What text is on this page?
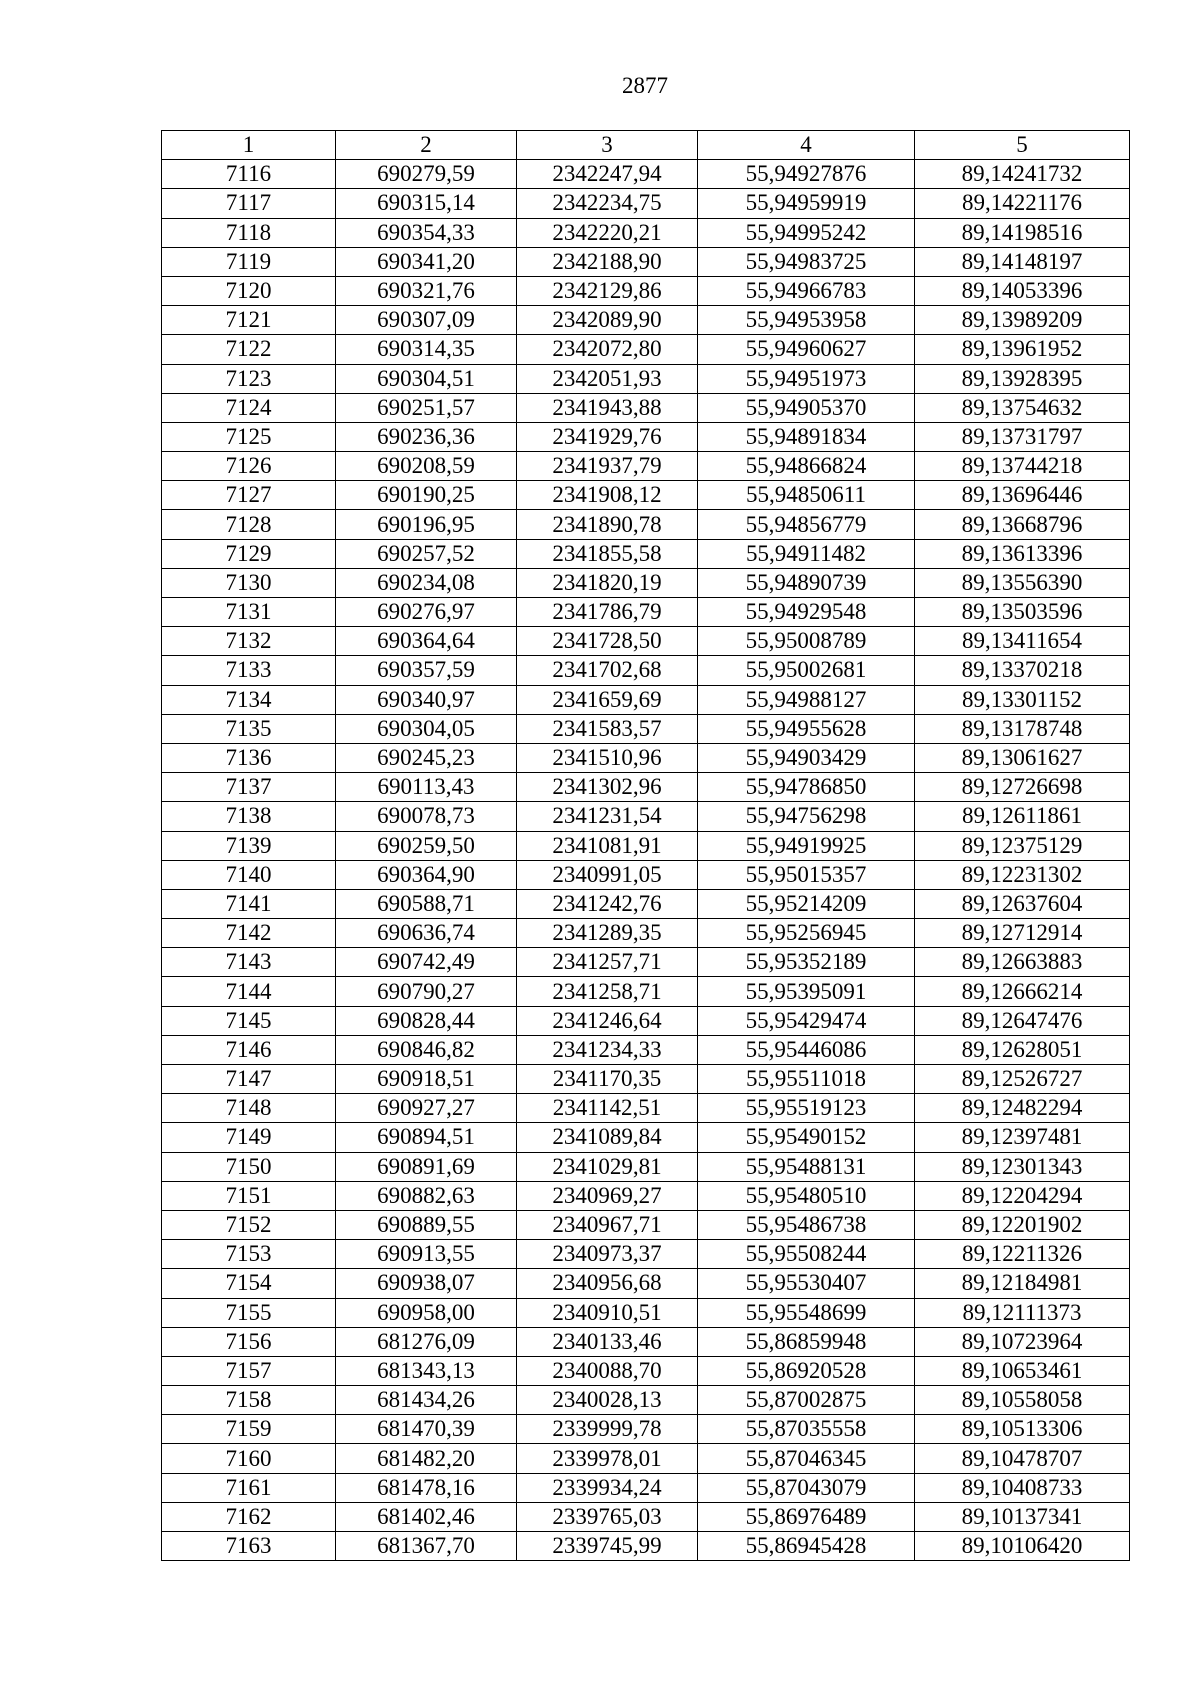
2877
1	2	3	4	5
7116	690279,59	2342247,94	55,94927876	89,14241732
7117	690315,14	2342234,75	55,94959919	89,14221176
7118	690354,33	2342220,21	55,94995242	89,14198516
7119	690341,20	2342188,90	55,94983725	89,14148197
7120	690321,76	2342129,86	55,94966783	89,14053396
7121	690307,09	2342089,90	55,94953958	89,13989209
7122	690314,35	2342072,80	55,94960627	89,13961952
7123	690304,51	2342051,93	55,94951973	89,13928395
7124	690251,57	2341943,88	55,94905370	89,13754632
7125	690236,36	2341929,76	55,94891834	89,13731797
7126	690208,59	2341937,79	55,94866824	89,13744218
7127	690190,25	2341908,12	55,94850611	89,13696446
7128	690196,95	2341890,78	55,94856779	89,13668796
7129	690257,52	2341855,58	55,94911482	89,13613396
7130	690234,08	2341820,19	55,94890739	89,13556390
7131	690276,97	2341786,79	55,94929548	89,13503596
7132	690364,64	2341728,50	55,95008789	89,13411654
7133	690357,59	2341702,68	55,95002681	89,13370218
7134	690340,97	2341659,69	55,94988127	89,13301152
7135	690304,05	2341583,57	55,94955628	89,13178748
7136	690245,23	2341510,96	55,94903429	89,13061627
7137	690113,43	2341302,96	55,94786850	89,12726698
7138	690078,73	2341231,54	55,94756298	89,12611861
7139	690259,50	2341081,91	55,94919925	89,12375129
7140	690364,90	2340991,05	55,95015357	89,12231302
7141	690588,71	2341242,76	55,95214209	89,12637604
7142	690636,74	2341289,35	55,95256945	89,12712914
7143	690742,49	2341257,71	55,95352189	89,12663883
7144	690790,27	2341258,71	55,95395091	89,12666214
7145	690828,44	2341246,64	55,95429474	89,12647476
7146	690846,82	2341234,33	55,95446086	89,12628051
7147	690918,51	2341170,35	55,95511018	89,12526727
7148	690927,27	2341142,51	55,95519123	89,12482294
7149	690894,51	2341089,84	55,95490152	89,12397481
7150	690891,69	2341029,81	55,95488131	89,12301343
7151	690882,63	2340969,27	55,95480510	89,12204294
7152	690889,55	2340967,71	55,95486738	89,12201902
7153	690913,55	2340973,37	55,95508244	89,12211326
7154	690938,07	2340956,68	55,95530407	89,12184981
7155	690958,00	2340910,51	55,95548699	89,12111373
7156	681276,09	2340133,46	55,86859948	89,10723964
7157	681343,13	2340088,70	55,86920528	89,10653461
7158	681434,26	2340028,13	55,87002875	89,10558058
7159	681470,39	2339999,78	55,87035558	89,10513306
7160	681482,20	2339978,01	55,87046345	89,10478707
7161	681478,16	2339934,24	55,87043079	89,10408733
7162	681402,46	2339765,03	55,86976489	89,10137341
7163	681367,70	2339745,99	55,86945428	89,10106420
